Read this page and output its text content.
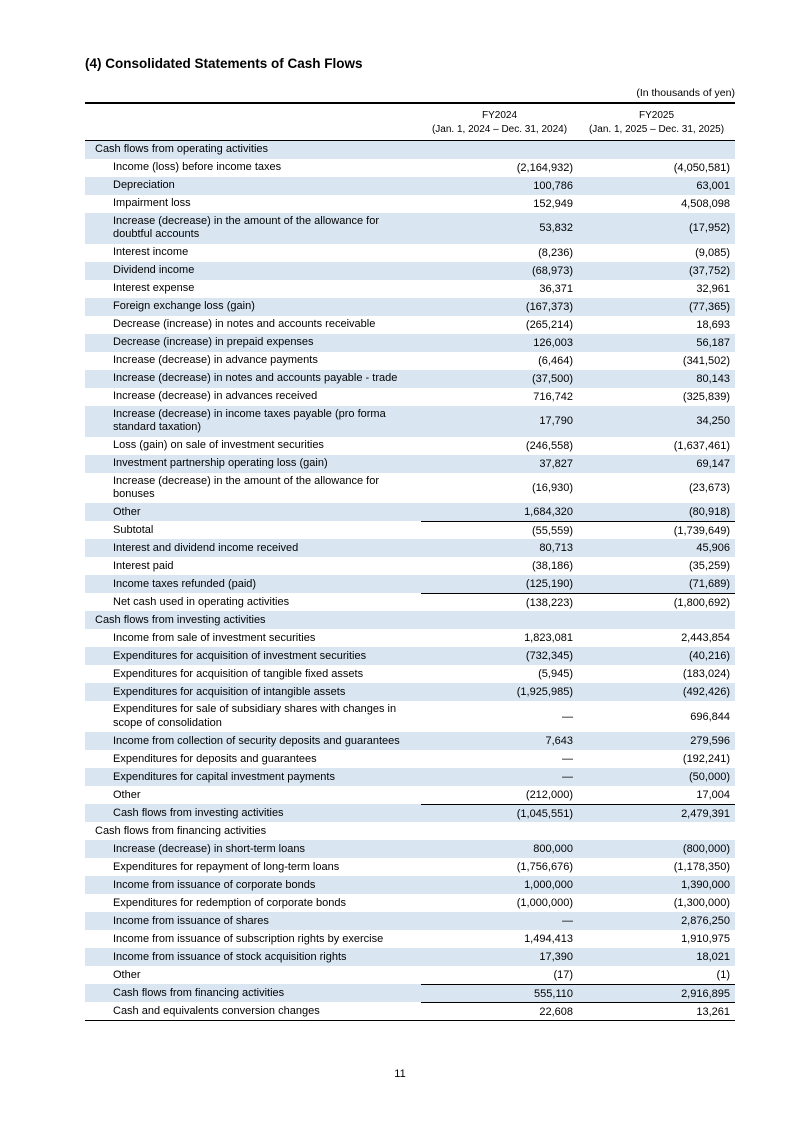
(4) Consolidated Statements of Cash Flows
(In thousands of yen)
FY2024
(Jan. 1, 2024 – Dec. 31, 2024)
FY2025
(Jan. 1, 2025 – Dec. 31, 2025)
Cash flows from operating activities
Income (loss) before income taxes	(2,164,932)	(4,050,581)
Depreciation	100,786	63,001
Impairment loss	152,949	4,508,098
Increase (decrease) in the amount of the allowance for doubtful accounts	53,832	(17,952)
Interest income	(8,236)	(9,085)
Dividend income	(68,973)	(37,752)
Interest expense	36,371	32,961
Foreign exchange loss (gain)	(167,373)	(77,365)
Decrease (increase) in notes and accounts receivable	(265,214)	18,693
Decrease (increase) in prepaid expenses	126,003	56,187
Increase (decrease) in advance payments	(6,464)	(341,502)
Increase (decrease) in notes and accounts payable - trade	(37,500)	80,143
Increase (decrease) in advances received	716,742	(325,839)
Increase (decrease) in income taxes payable (pro forma standard taxation)	17,790	34,250
Loss (gain) on sale of investment securities	(246,558)	(1,637,461)
Investment partnership operating loss (gain)	37,827	69,147
Increase (decrease) in the amount of the allowance for bonuses	(16,930)	(23,673)
Other	1,684,320	(80,918)
Subtotal	(55,559)	(1,739,649)
Interest and dividend income received	80,713	45,906
Interest paid	(38,186)	(35,259)
Income taxes refunded (paid)	(125,190)	(71,689)
Net cash used in operating activities	(138,223)	(1,800,692)
Cash flows from investing activities
Income from sale of investment securities	1,823,081	2,443,854
Expenditures for acquisition of investment securities	(732,345)	(40,216)
Expenditures for acquisition of tangible fixed assets	(5,945)	(183,024)
Expenditures for acquisition of intangible assets	(1,925,985)	(492,426)
Expenditures for sale of subsidiary shares with changes in scope of consolidation	—	696,844
Income from collection of security deposits and guarantees	7,643	279,596
Expenditures for deposits and guarantees	—	(192,241)
Expenditures for capital investment payments	—	(50,000)
Other	(212,000)	17,004
Cash flows from investing activities	(1,045,551)	2,479,391
Cash flows from financing activities
Increase (decrease) in short-term loans	800,000	(800,000)
Expenditures for repayment of long-term loans	(1,756,676)	(1,178,350)
Income from issuance of corporate bonds	1,000,000	1,390,000
Expenditures for redemption of corporate bonds	(1,000,000)	(1,300,000)
Income from issuance of shares	—	2,876,250
Income from issuance of subscription rights by exercise	1,494,413	1,910,975
Income from issuance of stock acquisition rights	17,390	18,021
Other	(17)	(1)
Cash flows from financing activities	555,110	2,916,895
Cash and equivalents conversion changes	22,608	13,261
11
